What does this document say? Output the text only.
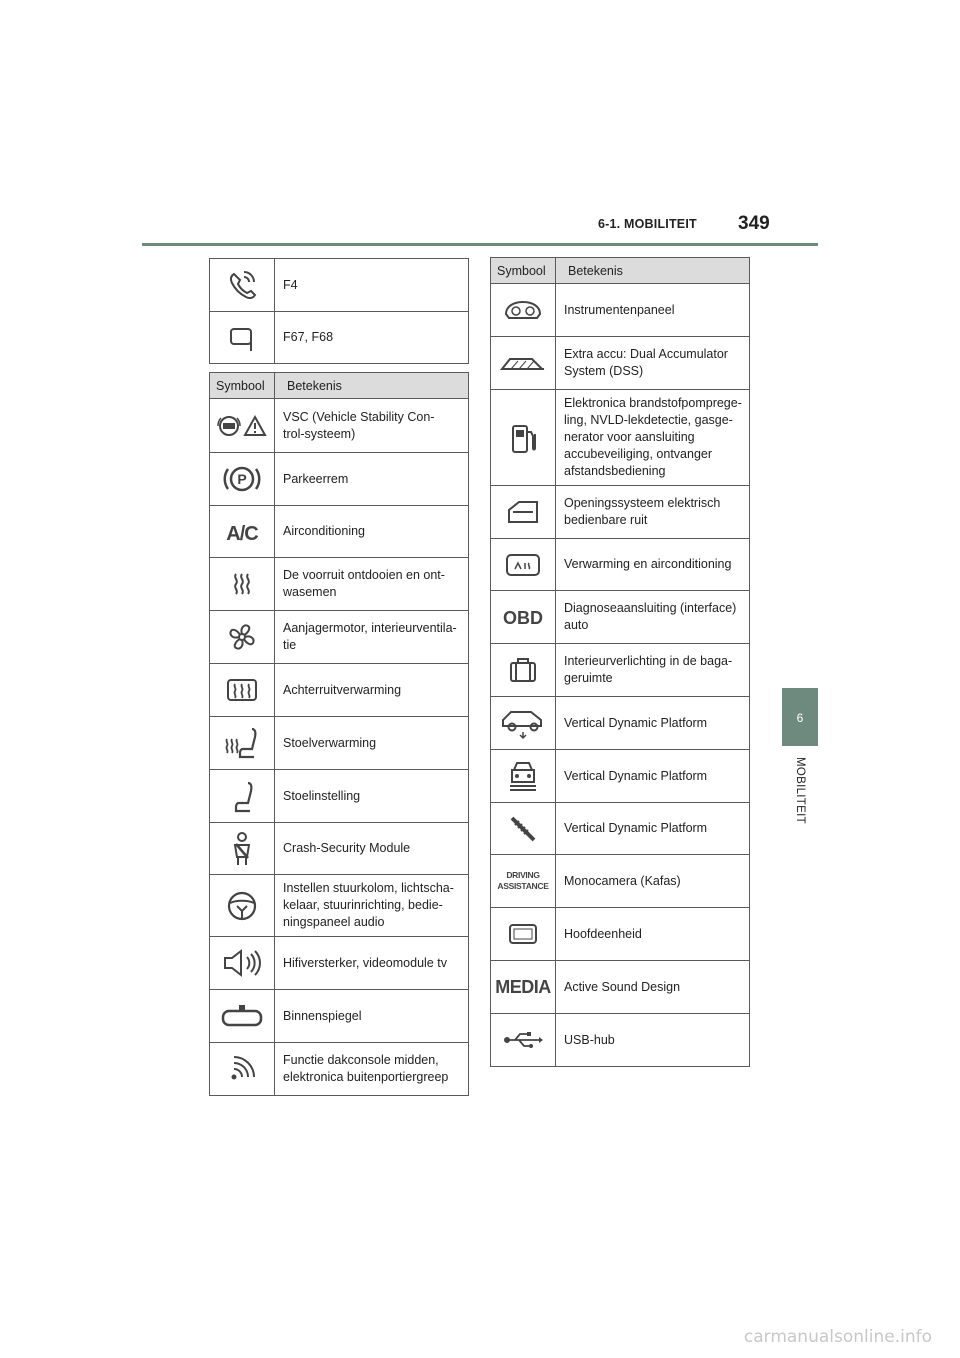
6-1. MOBILITEIT 349
6
MOBILITEIT
	F4

	F67, F68
Symbool	Betekenis

	VSC (Vehicle Stability Con-
trol-systeem)

P	Parkeerrem

A/C	Airconditioning

	De voorruit ontdooien en ont-
wasemen

	Aanjagermotor, interieurventila-
tie

	Achterruitverwarming

	Stoelverwarming

	Stoelinstelling

	Crash-Security Module

	Instellen stuurkolom, lichtscha-
kelaar, stuurinrichting, bedie-
ningspaneel audio

	Hifiversterker, videomodule tv

	Binnenspiegel

	Functie dakconsole midden,
elektronica buitenportiergreep
Symbool	Betekenis

	Instrumentenpaneel

	Extra accu: Dual Accumulator
System (DSS)

	Elektronica brandstofpomprege-
ling, NVLD-lekdetectie, gasge-
nerator voor aansluiting
accubeveiliging, ontvanger
afstandsbediening

	Openingssysteem elektrisch
bedienbare ruit

	Verwarming en airconditioning

OBD	Diagnoseaansluiting (interface)
auto

	Interieurverlichting in de baga-
geruimte

	Vertical Dynamic Platform

	Vertical Dynamic Platform

	Vertical Dynamic Platform

DRIVING
ASSISTANCE	Monocamera (Kafas)

	Hoofdeenheid
MEDIA	Active Sound Design

	USB-hub
carmanualsonline.info
